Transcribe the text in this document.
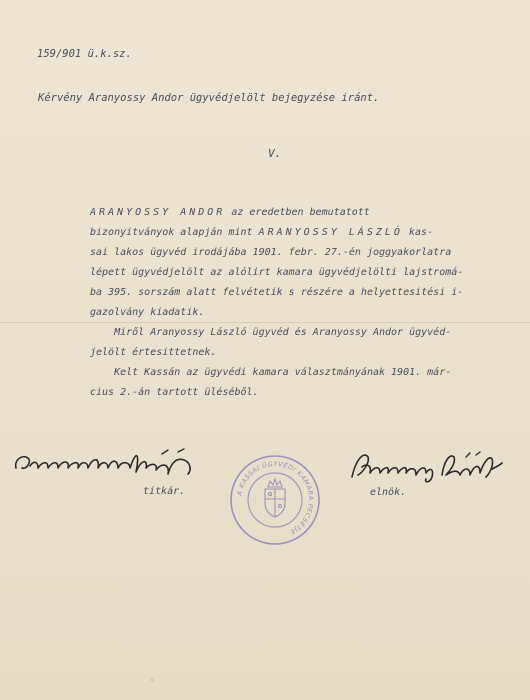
159/901 ü.k.sz.
Kérvény Aranyossy Andor ügyvédjelölt bejegyzése iránt.
V.
ARANYOSSY ANDOR az eredetben bemutatott
bizonyitványok alapján mint ARANYOSSY LÁSZLÓ kas-
sai lakos ügyvéd irodájába 1901. febr. 27.-én joggyakorlatra
lépett ügyvédjelölt az alólirt kamara ügyvédjelölti lajstromá-
ba 395. sorszám alatt felvétetik s részére a helyettesitési i-
gazolvány kiadatik.
Miről Aranyossy László ügyvéd és Aranyossy Andor ügyvéd-
jelölt értesittetnek.
Kelt Kassán az ügyvédi kamara választmányának 1901. már-
cius 2.-án tartott üléséből.
titkár.	elnök.
A KASSAI ÜGYVÉDI KAMARA PECSÉTJE
✎
